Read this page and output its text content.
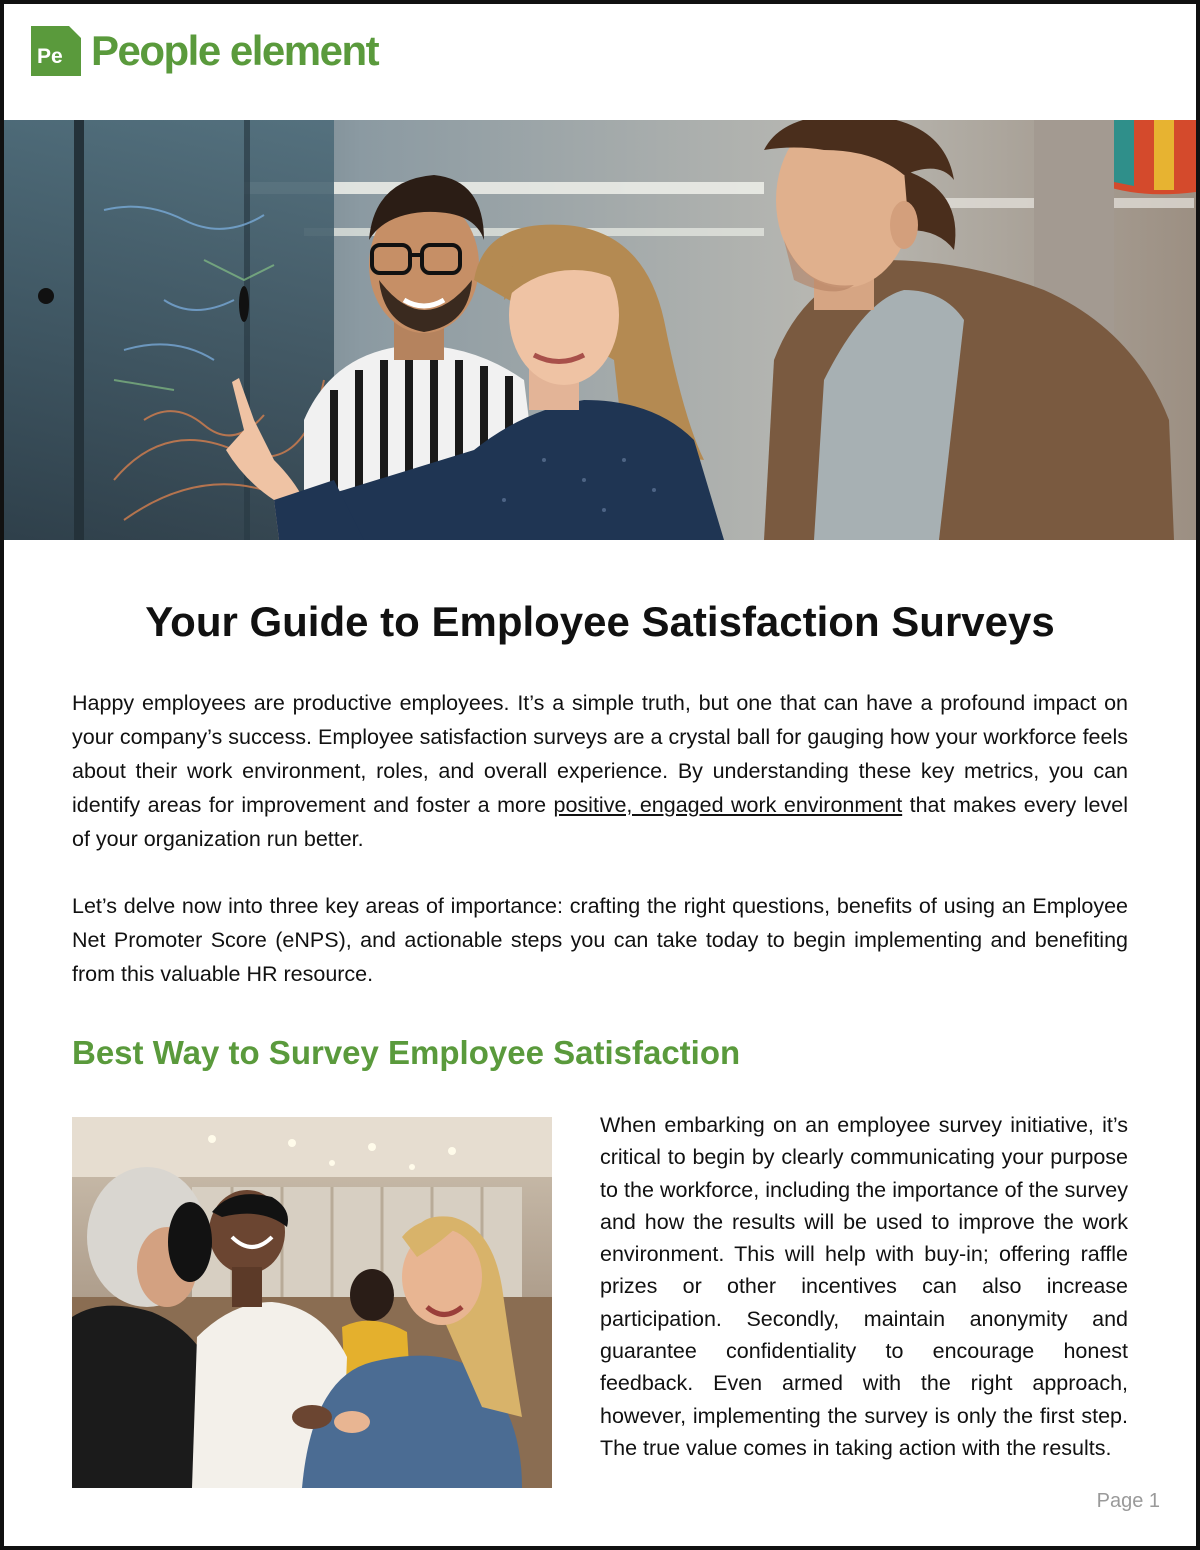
Pe People element
Your Guide to Employee Satisfaction Surveys

Happy employees are productive employees. It’s a simple truth, but one that can have a profound impact on your company’s success. Employee satisfaction surveys are a crystal ball for gauging how your workforce feels about their work environment, roles, and overall experience. By understanding these key metrics, you can identify areas for improvement and foster a more positive, engaged work environment that makes every level of your organization run better.

Let’s delve now into three key areas of importance: crafting the right questions, benefits of using an Employee Net Promoter Score (eNPS), and actionable steps you can take today to begin implementing and benefiting from this valuable HR resource.

Best Way to Survey Employee Satisfaction

When embarking on an employee survey initiative, it’s critical to begin by clearly communicating your purpose to the workforce, including the importance of the survey and how the results will be used to improve the work environment. This will help with buy-in; offering raffle prizes or other incentives can also increase participation. Secondly, maintain anonymity and guarantee confidentiality to encourage honest feedback. Even armed with the right approach, however, implementing the survey is only the first step. The true value comes in taking action with the results.

Page 1
